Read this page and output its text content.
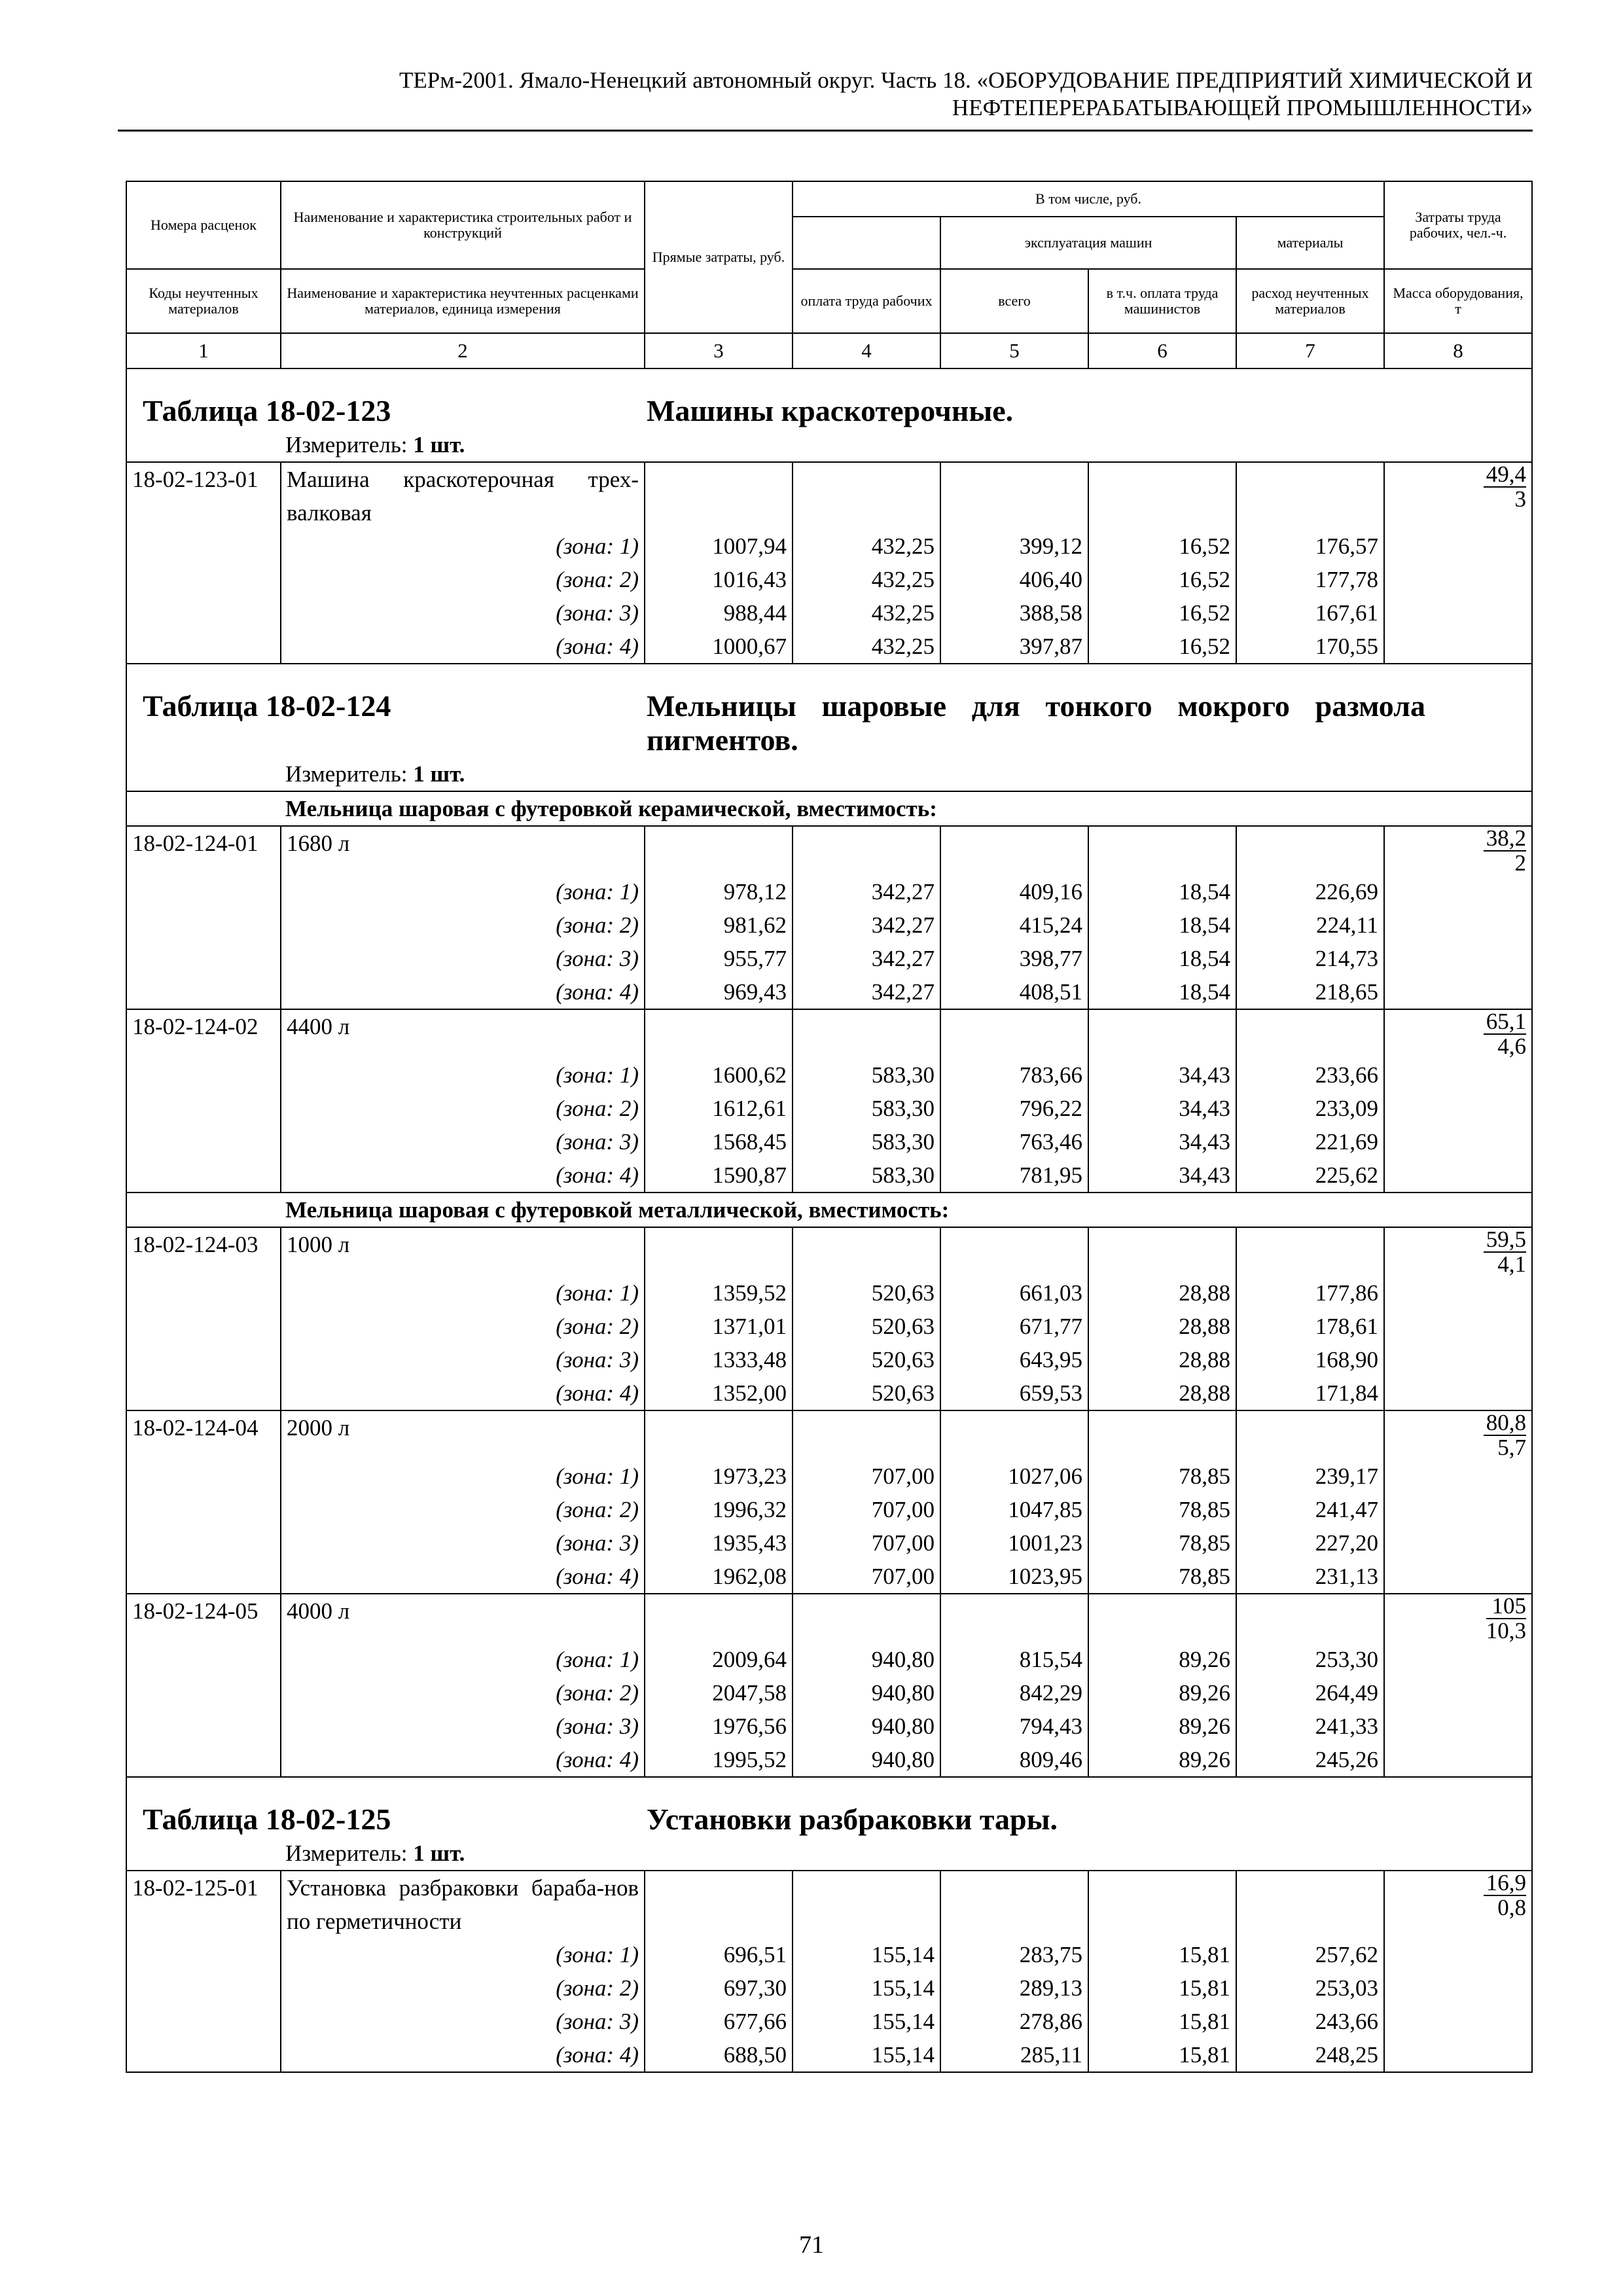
ТЕРм-2001. Ямало-Ненецкий автономный округ. Часть 18. «ОБОРУДОВАНИЕ ПРЕДПРИЯТИЙ ХИМИЧЕСКОЙ И
НЕФТЕПЕРЕРАБАТЫВАЮЩЕЙ ПРОМЫШЛЕННОСТИ»
Номера расценок	Наименование и характеристика строительных работ и конструкций	Прямые затраты, руб.	В том числе, руб.				Затраты труда рабочих, чел.-ч.
				эксплуатация машин		материалы	
Коды неучтенных материалов	Наименование и характеристика неучтенных расценками материалов, единица измерения		оплата труда рабочих	всего	в т.ч. оплата труда машинистов	расход неучтенных материалов	Масса оборудования, т
1	2	3	4	5	6	7	8
Таблица 18-02-123 Машины краскотерочные.							
Измеритель: 1 шт.							
18-02-123-01	Машина краскотерочная трех-валковая						$\frac{49,4}{3}$

	(зона: 1)	1007,94	432,25	399,12	16,52	176,57	
	(зона: 2)	1016,43	432,25	406,40	16,52	177,78	
	(зона: 3)	988,44	432,25	388,58	16,52	167,61	
	(зона: 4)	1000,67	432,25	397,87	16,52	170,55	
Таблица 18-02-124 Мельницы шаровые для тонкого мокрого размола пигментов.							
Измеритель: 1 шт.							
Мельница шаровая с футеровкой керамической, вместимость:							
18-02-124-01	1680 л						$\frac{38,2}{2}$

	(зона: 1)	978,12	342,27	409,16	18,54	226,69	
	(зона: 2)	981,62	342,27	415,24	18,54	224,11	
	(зона: 3)	955,77	342,27	398,77	18,54	214,73	
	(зона: 4)	969,43	342,27	408,51	18,54	218,65	
18-02-124-02	4400 л						$\frac{65,1}{4,6}$

	(зона: 1)	1600,62	583,30	783,66	34,43	233,66	
	(зона: 2)	1612,61	583,30	796,22	34,43	233,09	
	(зона: 3)	1568,45	583,30	763,46	34,43	221,69	
	(зона: 4)	1590,87	583,30	781,95	34,43	225,62	
Мельница шаровая с футеровкой металлической, вместимость:							
18-02-124-03	1000 л						$\frac{59,5}{4,1}$

	(зона: 1)	1359,52	520,63	661,03	28,88	177,86	
	(зона: 2)	1371,01	520,63	671,77	28,88	178,61	
	(зона: 3)	1333,48	520,63	643,95	28,88	168,90	
	(зона: 4)	1352,00	520,63	659,53	28,88	171,84	
18-02-124-04	2000 л						$\frac{80,8}{5,7}$

	(зона: 1)	1973,23	707,00	1027,06	78,85	239,17	
	(зона: 2)	1996,32	707,00	1047,85	78,85	241,47	
	(зона: 3)	1935,43	707,00	1001,23	78,85	227,20	
	(зона: 4)	1962,08	707,00	1023,95	78,85	231,13	
18-02-124-05	4000 л						$\frac{105}{10,3}$

	(зона: 1)	2009,64	940,80	815,54	89,26	253,30	
	(зона: 2)	2047,58	940,80	842,29	89,26	264,49	
	(зона: 3)	1976,56	940,80	794,43	89,26	241,33	
	(зона: 4)	1995,52	940,80	809,46	89,26	245,26	
Таблица 18-02-125 Установки разбраковки тары.							
Измеритель: 1 шт.							
18-02-125-01	Установка разбраковки бараба-нов по герметичности						$\frac{16,9}{0,8}$

	(зона: 1)	696,51	155,14	283,75	15,81	257,62	
	(зона: 2)	697,30	155,14	289,13	15,81	253,03	
	(зона: 3)	677,66	155,14	278,86	15,81	243,66	
	(зона: 4)	688,50	155,14	285,11	15,81	248,25	
71
